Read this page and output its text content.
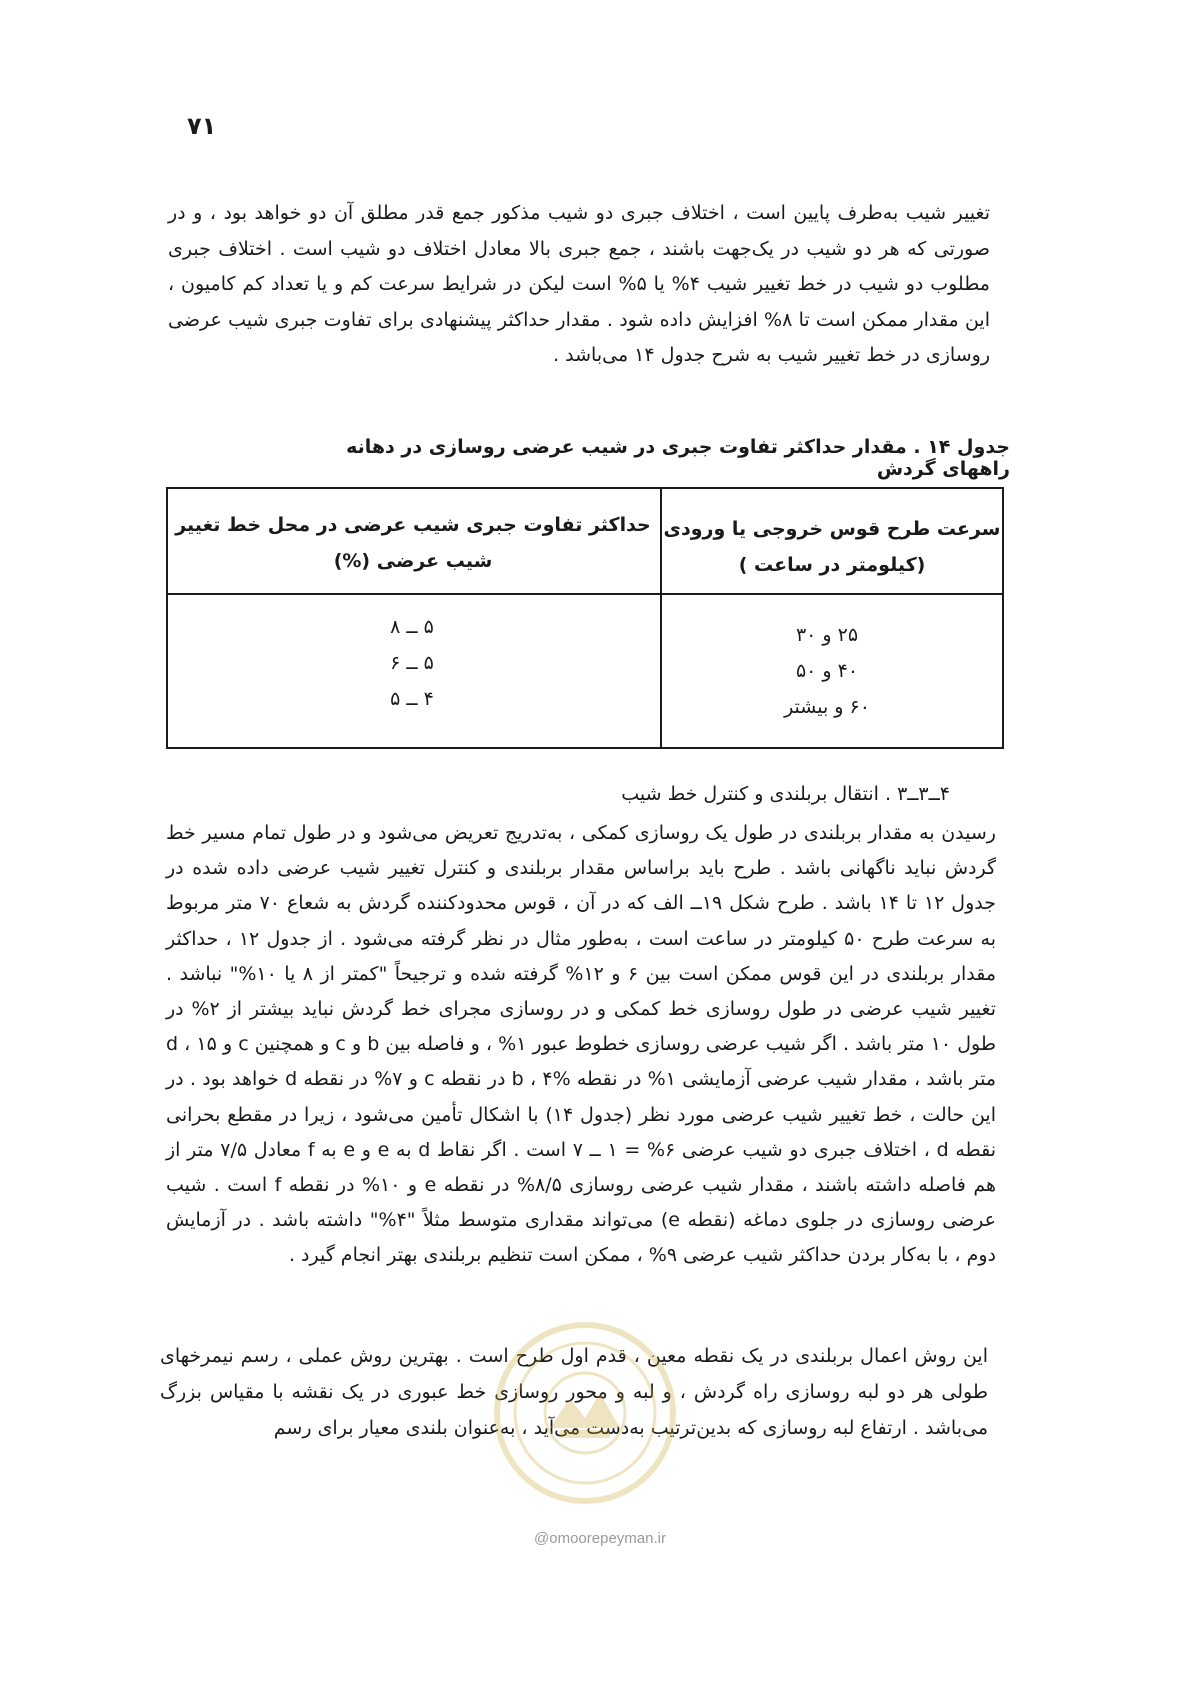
۷۱

تغییر شیب به‌طرف پایین است ، اختلاف جبری دو شیب مذکور جمع قدر مطلق آن دو خواهد بود ، و در صورتی که هر دو شیب در یک‌جهت باشند ، جمع جبری بالا معادل اختلاف دو شیب است . اختلاف جبری مطلوب دو شیب در خط تغییر شیب ۴% یا ۵% است لیکن در شرایط سرعت کم و یا تعداد کم کامیون ، این مقدار ممکن است تا ۸% افزایش داده شود . مقدار حداکثر پیشنهادی برای تفاوت جبری شیب عرضی روسازی در خط تغییر شیب به شرح جدول ۱۴ می‌باشد .

جدول ۱۴ . مقدار حداکثر تفاوت جبری در شیب عرضی روسازی در دهانه راههای گردش
سرعت طرح قوس خروجی یا ورودی
(کیلومتر در ساعت )
حداکثر تفاوت جبری شیب عرضی در محل خط تغییر
شیب عرضی (%)
۲۵ و ۳۰
۴۰ و ۵۰
۶۰ و بیشتر
۵ ــ ۸
۵ ــ ۶
۴ ــ ۵
۴ــ۳ــ۳ . انتقال بربلندی و کنترل خط شیب

رسیدن به مقدار بربلندی در طول یک روسازی کمکی ، به‌تدریج تعریض می‌شود و در طول تمام مسیر خط گردش نباید ناگهانی باشد . طرح باید براساس مقدار بربلندی و کنترل تغییر شیب عرضی داده شده در جدول ۱۲ تا ۱۴ باشد . طرح شکل ۱۹ــ الف که در آن ، قوس محدودکننده گردش به شعاع ۷۰ متر مربوط به سرعت طرح ۵۰ کیلومتر در ساعت است ، به‌طور مثال در نظر گرفته می‌شود . از جدول ۱۲ ، حداکثر مقدار بربلندی در این قوس ممکن است بین ۶ و ۱۲% گرفته شده و ترجیحاً "کمتر از ۸ یا ۱۰%" نباشد . تغییر شیب عرضی در طول روسازی خط کمکی و در روسازی مجرای خط گردش نباید بیشتر از ۲% در طول ۱۰ متر باشد . اگر شیب عرضی روسازی خطوط عبور ۱% ، و فاصله بین b و c و همچنین c و d ، ۱۵ متر باشد ، مقدار شیب عرضی آزمایشی ۱% در نقطه b ، ۴% در نقطه c و ۷% در نقطه d خواهد بود . در این حالت ، خط تغییر شیب عرضی مورد نظر (جدول ۱۴) با اشکال تأمین می‌شود ، زیرا در مقطع بحرانی نقطه d ، اختلاف جبری دو شیب عرضی ۶% = ۱ ــ ۷ است . اگر نقاط d به e و e به f معادل ۷/۵ متر از هم فاصله داشته باشند ، مقدار شیب عرضی روسازی ۸/۵% در نقطه e و ۱۰% در نقطه f است . شیب عرضی روسازی در جلوی دماغه (نقطه e) می‌تواند مقداری متوسط مثلاً "۴%" داشته باشد . در آزمایش دوم ، با به‌کار بردن حداکثر شیب عرضی ۹% ، ممکن است تنظیم بربلندی بهتر انجام گیرد .

این روش اعمال بربلندی در یک نقطه معین ، قدم اول طرح است . بهترین روش عملی ، رسم نیمرخهای طولی هر دو لبه روسازی راه گردش ، و لبه و محور روسازی خط عبوری در یک نقشه با مقیاس بزرگ می‌باشد . ارتفاع لبه روسازی که بدین‌ترتیب به‌دست می‌آید ، به‌عنوان بلندی معیار برای رسم

@omoorepeyman.ir
